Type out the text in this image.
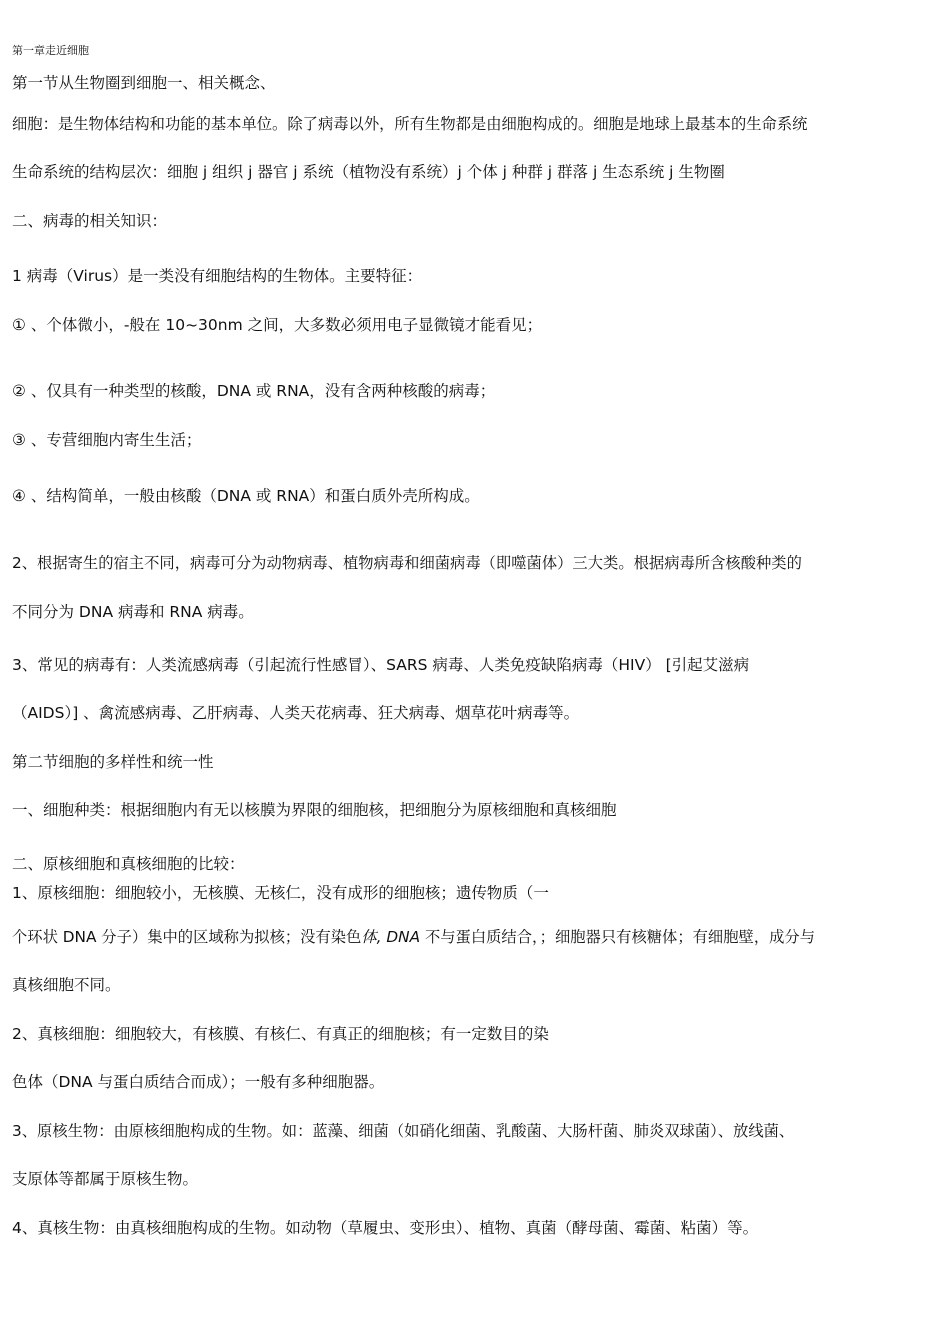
第一章走近细胞
第一节从生物圈到细胞一、相关概念、
细胞：是生物体结构和功能的基本单位。除了病毒以外，所有生物都是由细胞构成的。细胞是地球上最基本的生命系统
生命系统的结构层次：细胞 j 组织 j 器官 j 系统（植物没有系统）j 个体 j 种群 j 群落 j 生态系统 j 生物圈
二、病毒的相关知识：
1 病毒（Virus）是一类没有细胞结构的生物体。主要特征：
① 、个体微小，-般在 10~30nm 之间，大多数必须用电子显微镜才能看见；
② 、仅具有一种类型的核酸，DNA 或 RNA，没有含两种核酸的病毒；
③ 、专营细胞内寄生生活；
④ 、结构简单，一般由核酸（DNA 或 RNA）和蛋白质外壳所构成。
2、根据寄生的宿主不同，病毒可分为动物病毒、植物病毒和细菌病毒（即噬菌体）三大类。根据病毒所含核酸种类的
不同分为 DNA 病毒和 RNA 病毒。
3、常见的病毒有：人类流感病毒（引起流行性感冒）、SARS 病毒、人类免疫缺陷病毒（HIV） [引起艾滋病
（AIDS）] 、禽流感病毒、乙肝病毒、人类天花病毒、狂犬病毒、烟草花叶病毒等。
第二节细胞的多样性和统一性
一、细胞种类：根据细胞内有无以核膜为界限的细胞核，把细胞分为原核细胞和真核细胞
二、原核细胞和真核细胞的比较：
1、原核细胞：细胞较小，无核膜、无核仁，没有成形的细胞核；遗传物质（一
个环状 DNA 分子）集中的区域称为拟核；没有染色体, DNA 不与蛋白质结合，；细胞器只有核糖体；有细胞壁，成分与
真核细胞不同。
2、真核细胞：细胞较大，有核膜、有核仁、有真正的细胞核；有一定数目的染
色体（DNA 与蛋白质结合而成）；一般有多种细胞器。
3、原核生物：由原核细胞构成的生物。如：蓝藻、细菌（如硝化细菌、乳酸菌、大肠杆菌、肺炎双球菌）、放线菌、
支原体等都属于原核生物。
4、真核生物：由真核细胞构成的生物。如动物（草履虫、变形虫）、植物、真菌（酵母菌、霉菌、粘菌）等。
